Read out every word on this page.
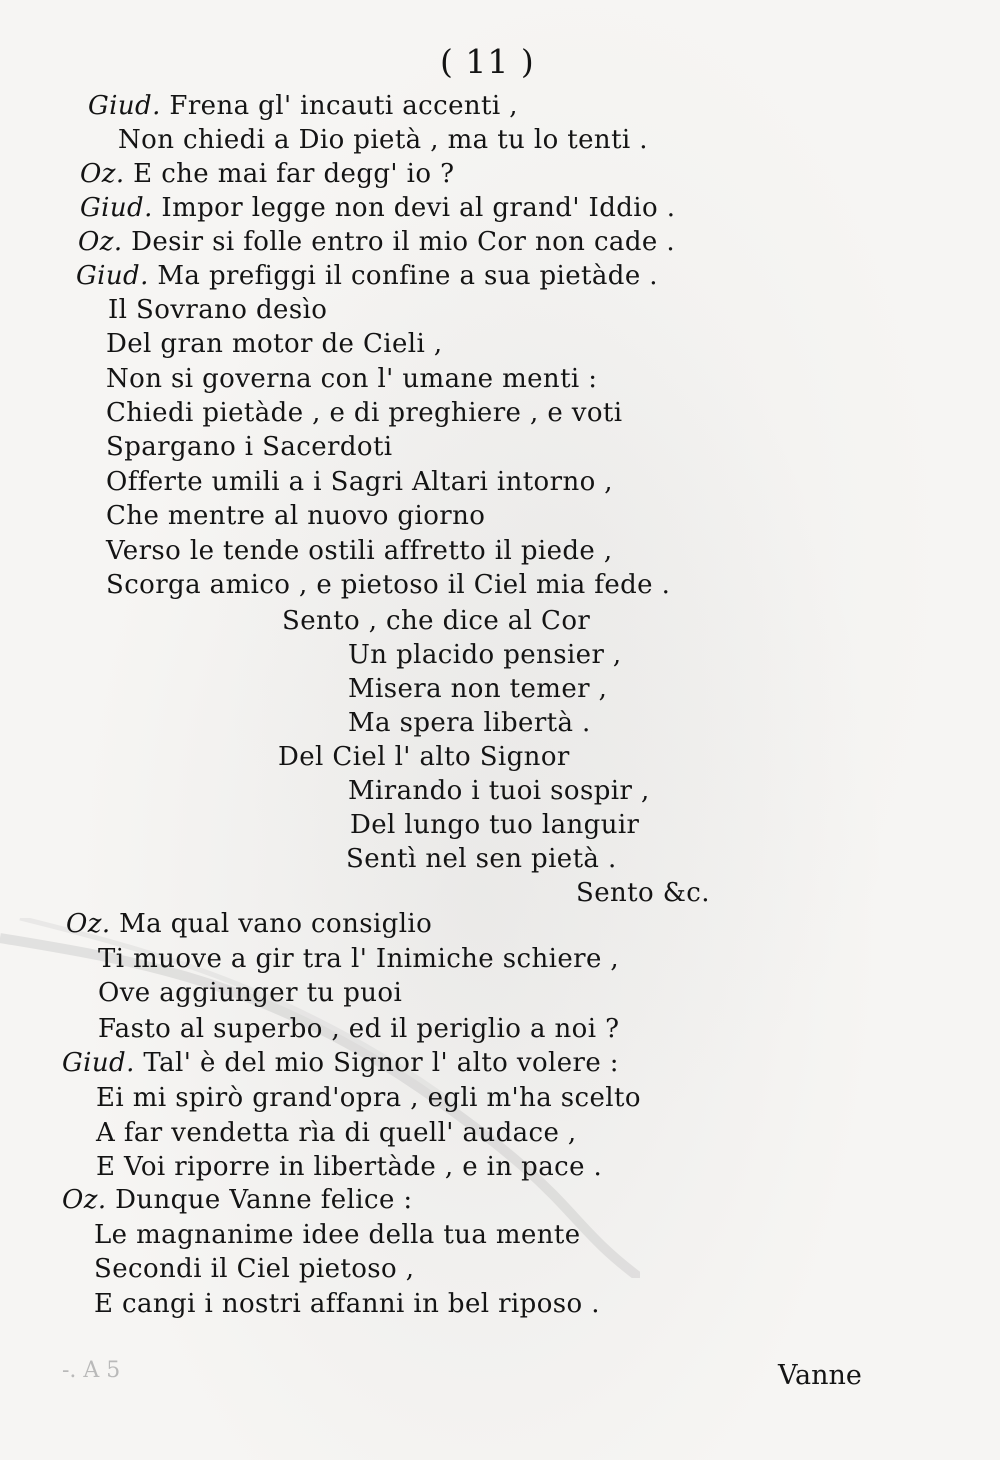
( 11 )
Giud. Frena gl' incauti accenti ,
Non chiedi a Dio pietà , ma tu lo tenti .
Oz. E che mai far degg' io ?
Giud. Impor legge non devi al grand' Iddio .
Oz. Desir si folle entro il mio Cor non cade .
Giud. Ma prefiggi il confine a sua pietàde .
Il Sovrano desìo
Del gran motor de Cieli ,
Non si governa con l' umane menti :
Chiedi pietàde , e di preghiere , e voti
Spargano i Sacerdoti
Offerte umili a i Sagri Altari intorno ,
Che mentre al nuovo giorno
Verso le tende ostili affretto il piede ,
Scorga amico , e pietoso il Ciel mia fede .
Sento , che dice al Cor
Un placido pensier ,
Misera non temer ,
Ma spera libertà .
Del Ciel l' alto Signor
Mirando i tuoi sospir ,
Del lungo tuo languir
Sentì nel sen pietà .
Sento &c.
Oz. Ma qual vano consiglio
Ti muove a gir tra l' Inimiche schiere ,
Ove aggiunger tu puoi
Fasto al superbo , ed il periglio a noi ?
Giud. Tal' è del mio Signor l' alto volere :
Ei mi spirò grand'opra , egli m'ha scelto
A far vendetta rìa di quell' audace ,
E Voi riporre in libertàde , e in pace .
Oz. Dunque Vanne felice :
Le magnanime idee della tua mente
Secondi il Ciel pietoso ,
E cangi i nostri affanni in bel riposo .
-. A 5	Vanne
